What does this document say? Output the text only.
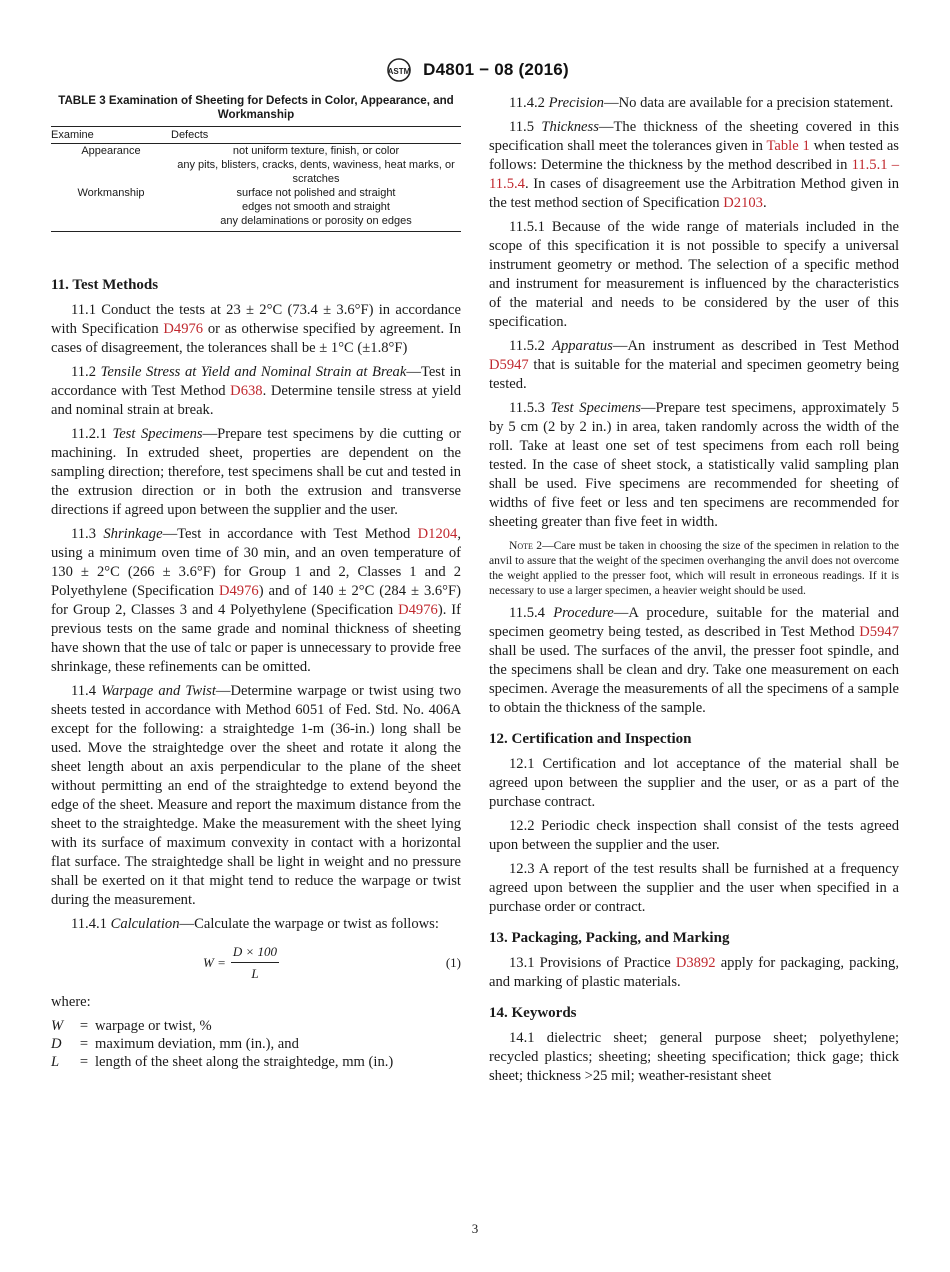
ASTM D4801 − 08 (2016)
TABLE 3 Examination of Sheeting for Defects in Color, Appearance, and Workmanship
Examine	Defects
Appearance	not uniform texture, finish, or color
	any pits, blisters, cracks, dents, waviness, heat marks, or scratches
Workmanship	surface not polished and straight
	edges not smooth and straight
	any delaminations or porosity on edges
11. Test Methods

11.1 Conduct the tests at 23 ± 2°C (73.4 ± 3.6°F) in accordance with Specification D4976 or as otherwise specified by agreement. In cases of disagreement, the tolerances shall be ± 1°C (±1.8°F)

11.2 Tensile Stress at Yield and Nominal Strain at Break—Test in accordance with Test Method D638. Determine tensile stress at yield and nominal strain at break.

11.2.1 Test Specimens—Prepare test specimens by die cutting or machining. In extruded sheet, properties are dependent on the sampling direction; therefore, test specimens shall be cut and tested in the extrusion direction or in both the extrusion and transverse directions if agreed upon between the supplier and the user.

11.3 Shrinkage—Test in accordance with Test Method D1204, using a minimum oven time of 30 min, and an oven temperature of 130 ± 2°C (266 ± 3.6°F) for Group 1 and 2, Classes 1 and 2 Polyethylene (Specification D4976) and of 140 ± 2°C (284 ± 3.6°F) for Group 2, Classes 3 and 4 Polyethylene (Specification D4976). If previous tests on the same grade and nominal thickness of sheeting have shown that the use of talc or paper is unnecessary to provide free shrinkage, these refinements can be omitted.

11.4 Warpage and Twist—Determine warpage or twist using two sheets tested in accordance with Method 6051 of Fed. Std. No. 406A except for the following: a straightedge 1-m (36-in.) long shall be used. Move the straightedge over the sheet and rotate it along the sheet length about an axis perpendicular to the plane of the sheet without permitting an end of the straightedge to extend beyond the edge of the sheet. Measure and report the maximum distance from the sheet to the straightedge. Make the measurement with the sheet lying with its surface of maximum convexity in contact with a horizontal flat surface. The straightedge shall be light in weight and no pressure shall be exerted on it that might tend to reduce the warpage or twist during the measurement.

11.4.1 Calculation—Calculate the warpage or twist as follows:

$W = \frac{D \times 100}{L}$	(1)

where:

W	= warpage or twist, %
D	= maximum deviation, mm (in.), and
L	= length of the sheet along the straightedge, mm (in.)

11.4.2 Precision—No data are available for a precision statement.

11.5 Thickness—The thickness of the sheeting covered in this specification shall meet the tolerances given in Table 1 when tested as follows: Determine the thickness by the method described in 11.5.1 – 11.5.4. In cases of disagreement use the Arbitration Method given in the test method section of Specification D2103.

11.5.1 Because of the wide range of materials included in the scope of this specification it is not possible to specify a universal instrument geometry or method. The selection of a specific method and instrument for measurement is influenced by the characteristics of the material and needs to be considered by the user of this specification.

11.5.2 Apparatus—An instrument as described in Test Method D5947 that is suitable for the material and specimen geometry being tested.

11.5.3 Test Specimens—Prepare test specimens, approximately 5 by 5 cm (2 by 2 in.) in area, taken randomly across the width of the roll. Take at least one set of test specimens from each roll being tested. In the case of sheet stock, a statistically valid sampling plan shall be used. Five specimens are recommended for sheeting of widths of five feet or less and ten specimens are recommended for sheeting greater than five feet in width.

Note 2—Care must be taken in choosing the size of the specimen in relation to the anvil to assure that the weight of the specimen overhanging the anvil does not overcome the weight applied to the presser foot, which will result in erroneous readings. If it is necessary to use a larger specimen, a heavier weight should be used.

11.5.4 Procedure—A procedure, suitable for the material and specimen geometry being tested, as described in Test Method D5947 shall be used. The surfaces of the anvil, the presser foot spindle, and the specimens shall be clean and dry. Take one measurement on each specimen. Average the measurements of all the specimens of a sample to obtain the thickness of the sample.

12. Certification and Inspection

12.1 Certification and lot acceptance of the material shall be agreed upon between the supplier and the user, or as a part of the purchase contract.

12.2 Periodic check inspection shall consist of the tests agreed upon between the supplier and the user.

12.3 A report of the test results shall be furnished at a frequency agreed upon between the supplier and the user when specified in a purchase order or contract.

13. Packaging, Packing, and Marking

13.1 Provisions of Practice D3892 apply for packaging, packing, and marking of plastic materials.

14. Keywords

14.1 dielectric sheet; general purpose sheet; polyethylene; recycled plastics; sheeting; sheeting specification; thick gage; thick sheet; thickness >25 mil; weather-resistant sheet

3
